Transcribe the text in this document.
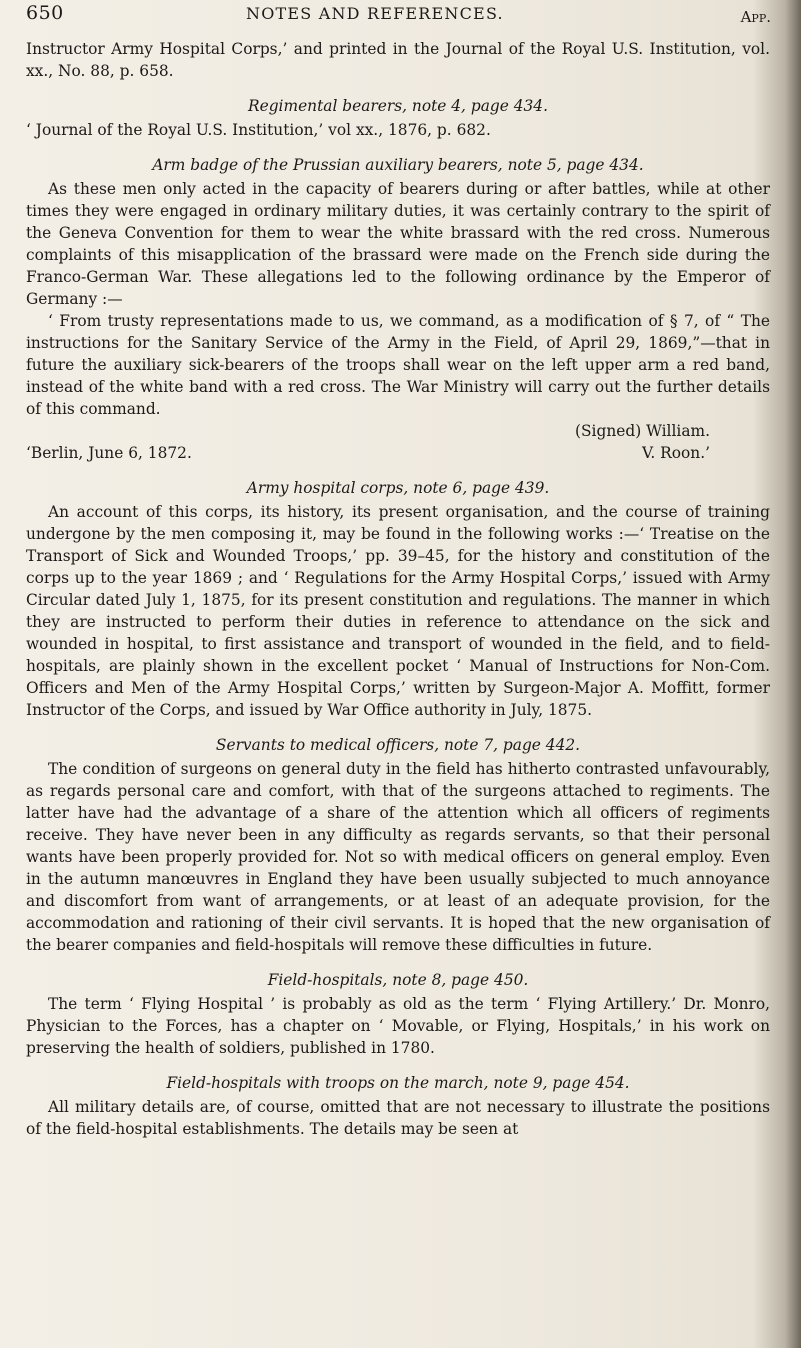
650	NOTES AND REFERENCES.	App.

Instructor Army Hospital Corps,’ and printed in the Journal of the Royal U.S. Institution, vol. xx., No. 88, p. 658.

Regimental bearers, note 4, page 434.

‘ Journal of the Royal U.S. Institution,’ vol xx., 1876, p. 682.

Arm badge of the Prussian auxiliary bearers, note 5, page 434.

As these men only acted in the capacity of bearers during or after battles, while at other times they were engaged in ordinary military duties, it was certainly contrary to the spirit of the Geneva Convention for them to wear the white brassard with the red cross. Numerous complaints of this misapplication of the brassard were made on the French side during the Franco-German War. These allegations led to the following ordinance by the Emperor of Germany :—

‘ From trusty representations made to us, we command, as a modification of § 7, of “ The instructions for the Sanitary Service of the Army in the Field, of April 29, 1869,”—that in future the auxiliary sick-bearers of the troops shall wear on the left upper arm a red band, instead of the white band with a red cross. The War Ministry will carry out the further details of this command.

(Signed) William.
‘Berlin, June 6, 1872.	V. Roon.’

Army hospital corps, note 6, page 439.

An account of this corps, its history, its present organisation, and the course of training undergone by the men composing it, may be found in the following works :—‘ Treatise on the Transport of Sick and Wounded Troops,’ pp. 39–45, for the history and constitution of the corps up to the year 1869 ; and ‘ Regulations for the Army Hospital Corps,’ issued with Army Circular dated July 1, 1875, for its present constitution and regulations. The manner in which they are instructed to perform their duties in reference to attendance on the sick and wounded in hospital, to first assistance and transport of wounded in the field, and to field-hospitals, are plainly shown in the excellent pocket ‘ Manual of Instructions for Non-Com. Officers and Men of the Army Hospital Corps,’ written by Surgeon-Major A. Moffitt, former Instructor of the Corps, and issued by War Office authority in July, 1875.

Servants to medical officers, note 7, page 442.

The condition of surgeons on general duty in the field has hitherto contrasted unfavourably, as regards personal care and comfort, with that of the surgeons attached to regiments. The latter have had the advantage of a share of the attention which all officers of regiments receive. They have never been in any difficulty as regards servants, so that their personal wants have been properly provided for. Not so with medical officers on general employ. Even in the autumn manœuvres in England they have been usually subjected to much annoyance and discomfort from want of arrangements, or at least of an adequate provision, for the accommodation and rationing of their civil servants. It is hoped that the new organisation of the bearer companies and field-hospitals will remove these difficulties in future.

Field-hospitals, note 8, page 450.

The term ‘ Flying Hospital ’ is probably as old as the term ‘ Flying Artillery.’ Dr. Monro, Physician to the Forces, has a chapter on ‘ Movable, or Flying, Hospitals,’ in his work on preserving the health of soldiers, published in 1780.

Field-hospitals with troops on the march, note 9, page 454.

All military details are, of course, omitted that are not necessary to illustrate the positions of the field-hospital establishments. The details may be seen at
